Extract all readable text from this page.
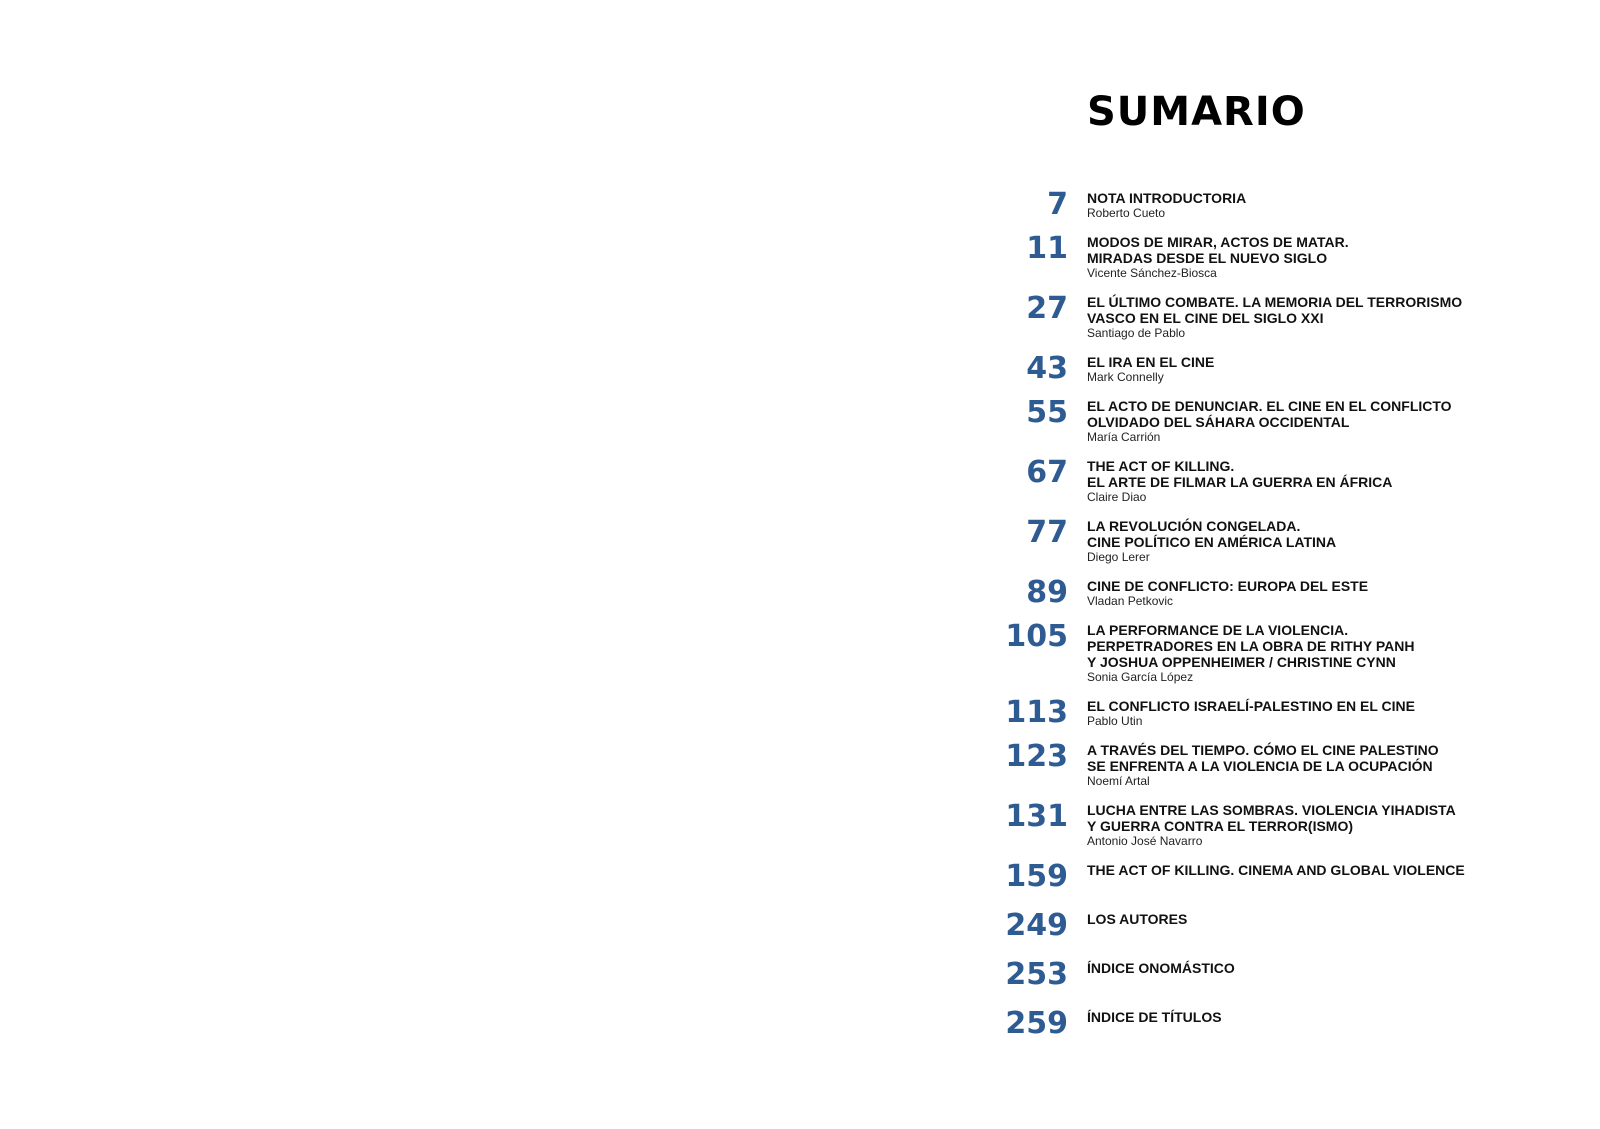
SUMARIO
7 NOTA INTRODUCTORIA

Roberto Cueto

11 MODOS DE MIRAR, ACTOS DE MATAR.
MIRADAS DESDE EL NUEVO SIGLO

Vicente Sánchez-Biosca

27 EL ÚLTIMO COMBATE. LA MEMORIA DEL TERRORISMO
VASCO EN EL CINE DEL SIGLO XXI

Santiago de Pablo

43 EL IRA EN EL CINE

Mark Connelly

55 EL ACTO DE DENUNCIAR. EL CINE EN EL CONFLICTO
OLVIDADO DEL SÁHARA OCCIDENTAL

María Carrión

67 THE ACT OF KILLING.
EL ARTE DE FILMAR LA GUERRA EN ÁFRICA

Claire Diao

77 LA REVOLUCIÓN CONGELADA.
CINE POLÍTICO EN AMÉRICA LATINA

Diego Lerer

89 CINE DE CONFLICTO: EUROPA DEL ESTE

Vladan Petkovic

105 LA PERFORMANCE DE LA VIOLENCIA.
PERPETRADORES EN LA OBRA DE RITHY PANH
Y JOSHUA OPPENHEIMER / CHRISTINE CYNN

Sonia García López

113 EL CONFLICTO ISRAELÍ-PALESTINO EN EL CINE

Pablo Utin

123 A TRAVÉS DEL TIEMPO. CÓMO EL CINE PALESTINO
SE ENFRENTA A LA VIOLENCIA DE LA OCUPACIÓN

Noemí Artal

131 LUCHA ENTRE LAS SOMBRAS. VIOLENCIA YIHADISTA
Y GUERRA CONTRA EL TERROR(ISMO)

Antonio José Navarro

159 THE ACT OF KILLING. CINEMA AND GLOBAL VIOLENCE

249 LOS AUTORES

253 ÍNDICE ONOMÁSTICO

259 ÍNDICE DE TÍTULOS
